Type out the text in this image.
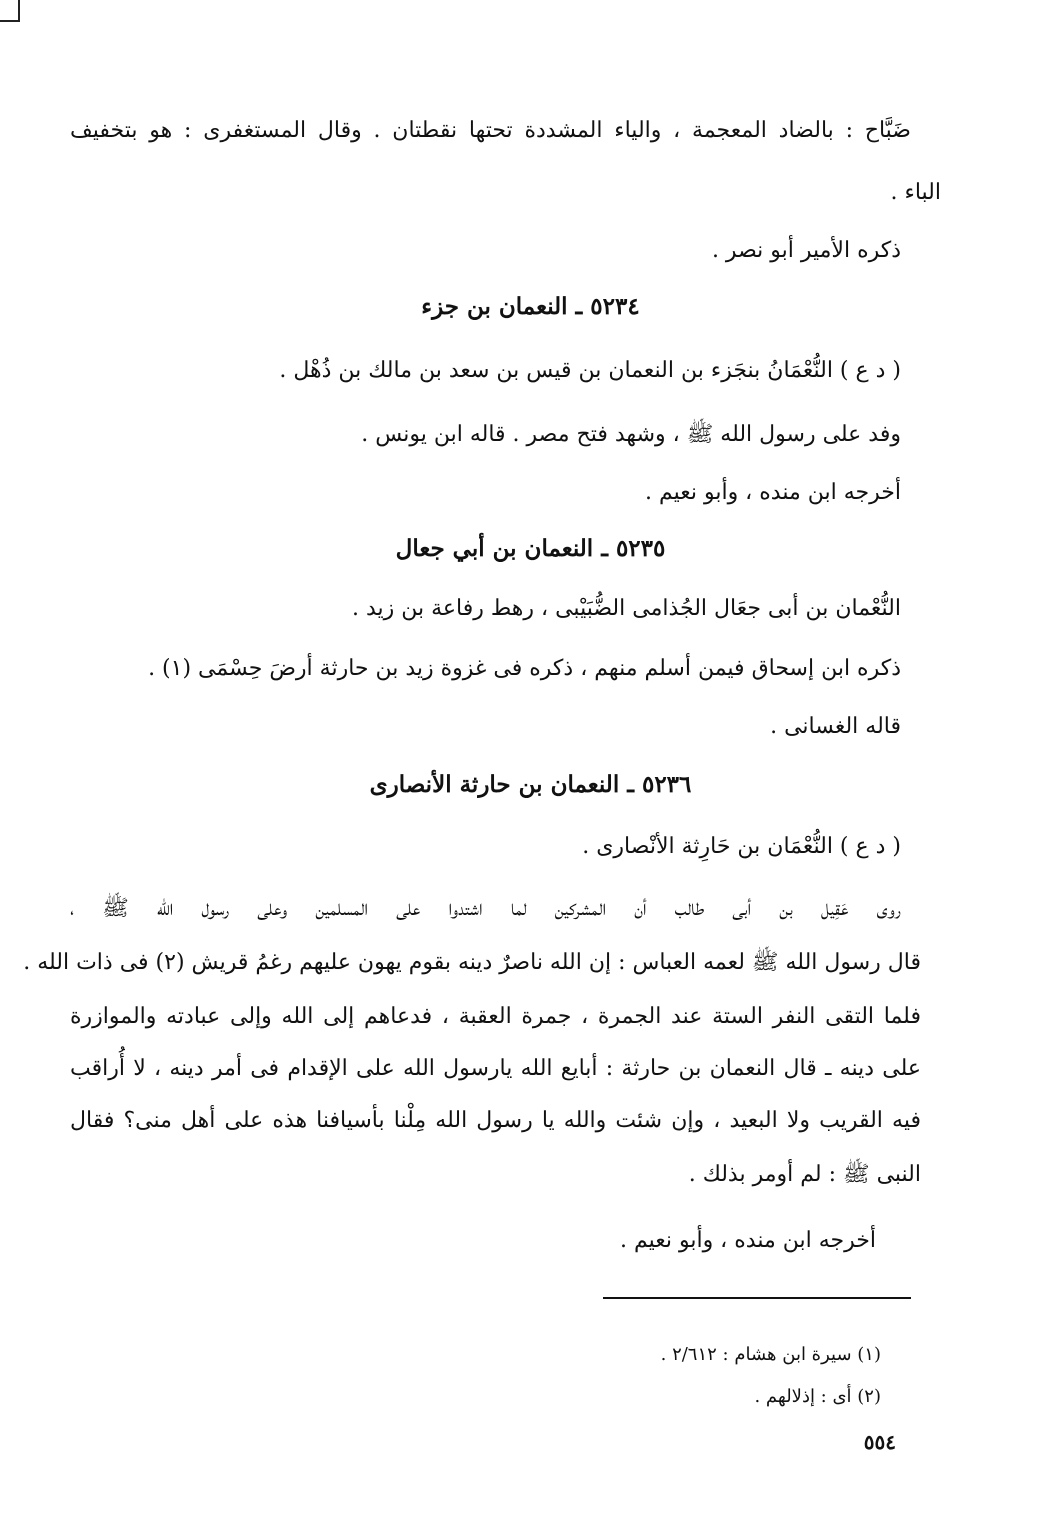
ضَبَّاح : بالضاد المعجمة ، والياء المشددة تحتها نقطتان . وقال المستغفرى : هو بتخفيف
الباء .
ذكره الأمير أبو نصر .
٥٢٣٤ ـ النعمان بن جزء
( د ع ) النُّعْمَانُ بنجَزء بن النعمان بن قيس بن سعد بن مالك بن ذُهْل .
وفد على رسول الله ﷺ ، وشهد فتح مصر . قاله ابن يونس .
أخرجه ابن منده ، وأبو نعيم .
٥٢٣٥ ـ النعمان بن أبي جعال
النُّعْمان بن أبى جعَال الجُذامى الضُّبَيْبى ، رهط رفاعة بن زيد .
ذكره ابن إسحاق فيمن أسلم منهم ، ذكره فى غزوة زيد بن حارثة أرضَ حِسْمَى (١) .
قاله الغسانى .
٥٢٣٦ ـ النعمان بن حارثة الأنصارى
( د ع ) النُّعْمَان بن حَارِثة الأنْصارى .
روى عَقِيل بن أبى طالب أن المشركين لما اشتدوا على المسلمين وعلى رسول الله ﷺ ،
قال رسول الله ﷺ لعمه العباس : إن الله ناصرٌ دينه بقوم يهون عليهم رغمُ قريش (٢) فى ذات الله .
فلما التقى النفر الستة عند الجمرة ، جمرة العقبة ، فدعاهم إلى الله وإلى عبادته والموازرة
على دينه ـ قال النعمان بن حارثة : أبايع الله يارسول الله على الإقدام فى أمر دينه ، لا أُراقب
فيه القريب ولا البعيد ، وإن شئت والله يا رسول الله مِلْنا بأسيافنا هذه على أهل منى؟ فقال
النبى ﷺ : لم أومر بذلك .
أخرجه ابن منده ، وأبو نعيم .
(١) سيرة ابن هشام : ٢/٦١٢ .
(٢) أى : إذلالهم .
٥٥٤
